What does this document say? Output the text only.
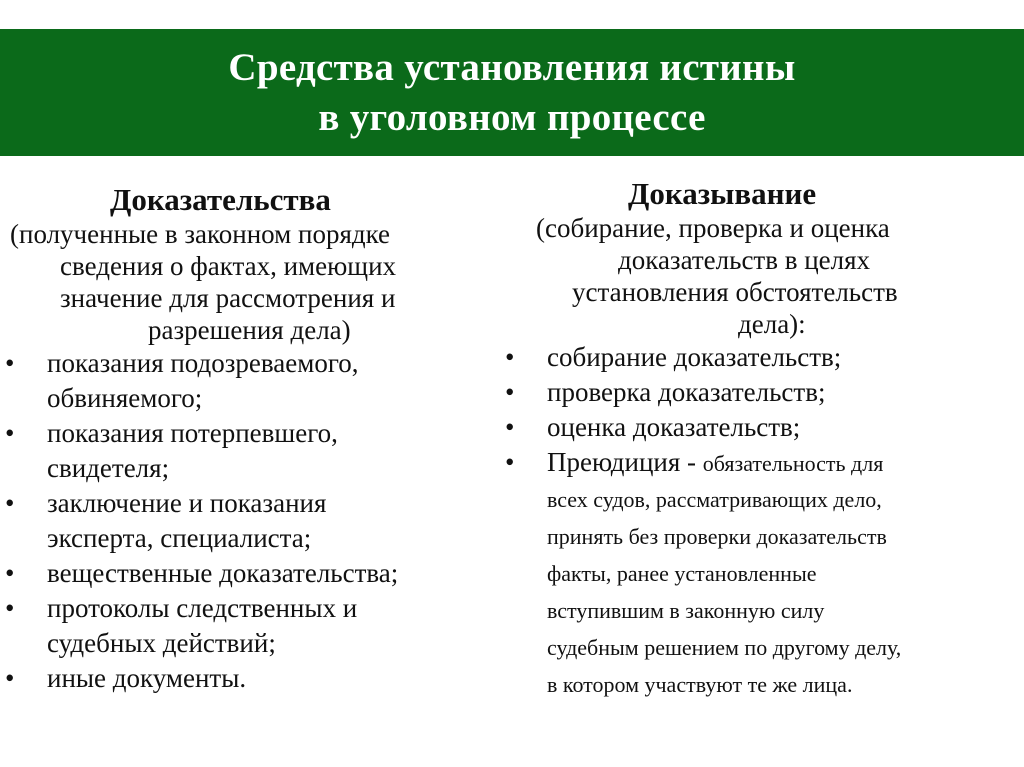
Средства установления истины
в уголовном процессе
Доказательства
(полученные в законном порядке
сведения о фактах, имеющих
значение для рассмотрения и
разрешения дела)
•	показания подозреваемого,
обвиняемого;
•	показания потерпевшего,
свидетеля;
•	заключение и показания
эксперта, специалиста;
•	вещественные доказательства;
•	протоколы следственных и
судебных действий;
•	иные документы.
Доказывание
(собирание, проверка и оценка
доказательств в целях
установления обстоятельств
дела):
•	собирание доказательств;
•	проверка доказательств;
•	оценка доказательств;
•	Преюдиция - обязательность для
всех судов, рассматривающих дело,
принять без проверки доказательств
факты, ранее установленные
вступившим в законную силу
судебным решением по другому делу,
в котором участвуют те же лица.
